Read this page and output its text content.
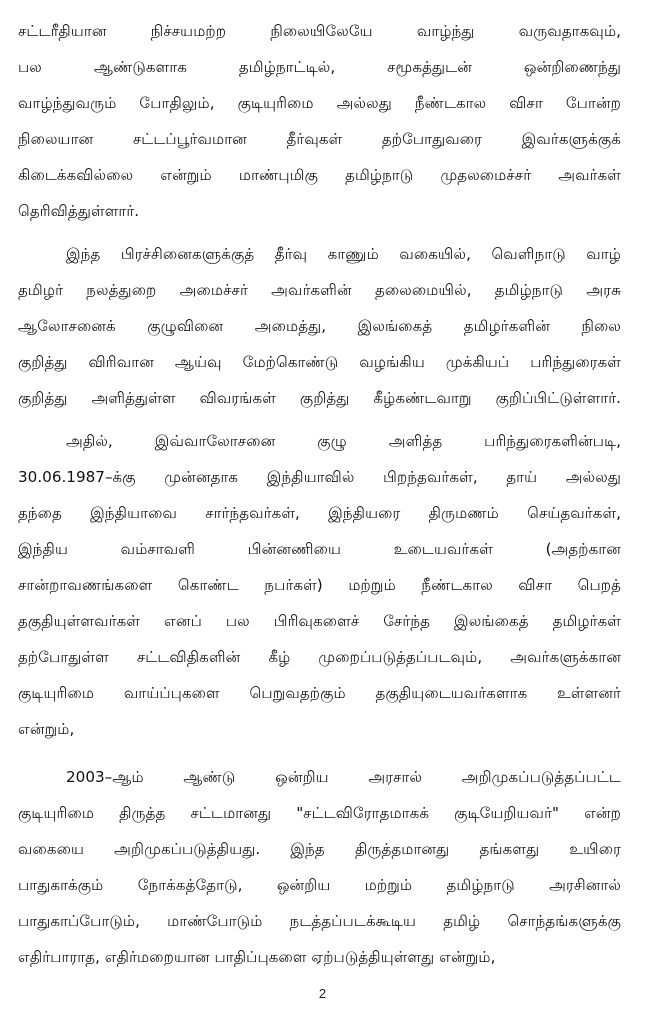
சட்டரீதியான நிச்சயமற்ற நிலையிலேயே வாழ்ந்து வருவதாகவும்,
பல ஆண்டுகளாக தமிழ்நாட்டில், சமூகத்துடன் ஒன்றிணைந்து
வாழ்ந்துவரும் போதிலும், குடியுரிமை அல்லது நீண்டகால விசா போன்ற
நிலையான சட்டப்பூர்வமான தீர்வுகள் தற்போதுவரை இவர்களுக்குக்
கிடைக்கவில்லை என்றும் மாண்புமிகு தமிழ்நாடு முதலமைச்சர் அவர்கள்
தெரிவித்துள்ளார்.
இந்த பிரச்சினைகளுக்குத் தீர்வு காணும் வகையில், வெளிநாடு வாழ்
தமிழர் நலத்துறை அமைச்சர் அவர்களின் தலைமையில், தமிழ்நாடு அரசு
ஆலோசனைக் குழுவினை அமைத்து, இலங்கைத் தமிழர்களின் நிலை
குறித்து விரிவான ஆய்வு மேற்கொண்டு வழங்கிய முக்கியப் பரிந்துரைகள்
குறித்து அளித்துள்ள விவரங்கள் குறித்து கீழ்கண்டவாறு குறிப்பிட்டுள்ளார்.
அதில், இவ்வாலோசனை குழு அளித்த பரிந்துரைகளின்படி,
30.06.1987–க்கு முன்னதாக இந்தியாவில் பிறந்தவர்கள், தாய் அல்லது
தந்தை இந்தியாவை சார்ந்தவர்கள், இந்தியரை திருமணம் செய்தவர்கள்,
இந்திய வம்சாவளி பின்னணியை உடையவர்கள் (அதற்கான
சான்றாவணங்களை கொண்ட நபர்கள்) மற்றும் நீண்டகால விசா பெறத்
தகுதியுள்ளவர்கள் எனப் பல பிரிவுகளைச் சேர்ந்த இலங்கைத் தமிழர்கள்
தற்போதுள்ள சட்டவிதிகளின் கீழ் முறைப்படுத்தப்படவும், அவர்களுக்கான
குடியுரிமை வாய்ப்புகளை பெறுவதற்கும் தகுதியுடையவர்களாக உள்ளனர்
என்றும்,
2003–ஆம் ஆண்டு ஒன்றிய அரசால் அறிமுகப்படுத்தப்பட்ட
குடியுரிமை திருத்த சட்டமானது "சட்டவிரோதமாகக் குடியேறியவர்" என்ற
வகையை அறிமுகப்படுத்தியது. இந்த திருத்தமானது தங்களது உயிரை
பாதுகாக்கும் நோக்கத்தோடு, ஒன்றிய மற்றும் தமிழ்நாடு அரசினால்
பாதுகாப்போடும், மாண்போடும் நடத்தப்படக்கூடிய தமிழ் சொந்தங்களுக்கு
எதிர்பாராத, எதிர்மறையான பாதிப்புகளை ஏற்படுத்தியுள்ளது என்றும்,
2
